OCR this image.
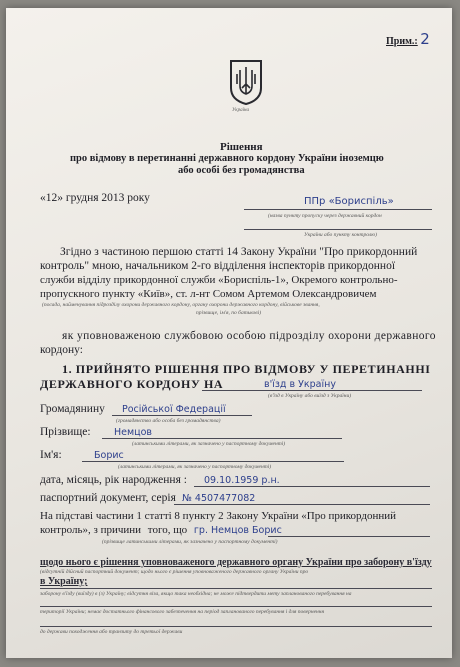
Прим.: 2
Україна
Рішення
про відмову в перетинанні державного кордону України іноземцю
або особі без громадянства
«12» грудня 2013 року	ППр «Бориспіль»
(назва пункту пропуску через державний кордон
України або пункту контролю)
Згідно з частиною першою статті 14 Закону України "Про прикордонний
контроль" мною, начальником 2-го відділення інспекторів прикордонної
служби відділу прикордонної служби «Бориспіль-1», Окремого контрольно-
пропускного пункту «Київ», ст. л-нт Сомом Артемом Олександровичем
(посада, найменування підрозділу охорони державного кордону, органу охорони державного кордону, військове звання,
прізвище, ім'я, по батькові)
як уповноваженою службовою особою підрозділу охорони державного
кордону:
1. ПРИЙНЯТО РІШЕННЯ ПРО ВІДМОВУ У ПЕРЕТИНАННІ
ДЕРЖАВНОГО КОРДОНУ НА	в'їзд в Україну
(в'їзд в Україну або виїзд з України)
Громадянину Російської Федерації
(громадянство або особа без громадянства)
Прізвище: Немцов
(латинськими літерами, як зазначено у паспортному документі)
Ім'я:	Борис
(латинськими літерами, як зазначено у паспортному документі)
дата, місяць, рік народження : 09.10.1959 р.н.
паспортний документ, серія № 4507477082
На підставі частини 1 статті 8 пункту 2 Закону України «Про прикордонний
контроль», з причини того, що гр. Немцов Борис
(прізвище латинськими літерами, як зазначено у паспортному документі)
щодо нього є рішення уповноваженого державного органу України про заборону в'їзду
(відсутній дійсний паспортний документ; щодо нього є рішення уповноваженого державного органу України про
в Україну;
заборону в'їзду (виїзду) в (з) Україну; відсутня віза, якщо така необхідна; не може підтвердити мету запланованого перебування на
території України; немає достатнього фінансового забезпечення на період запланованого перебування і для повернення
до держави походження або транзиту до третьої держави
